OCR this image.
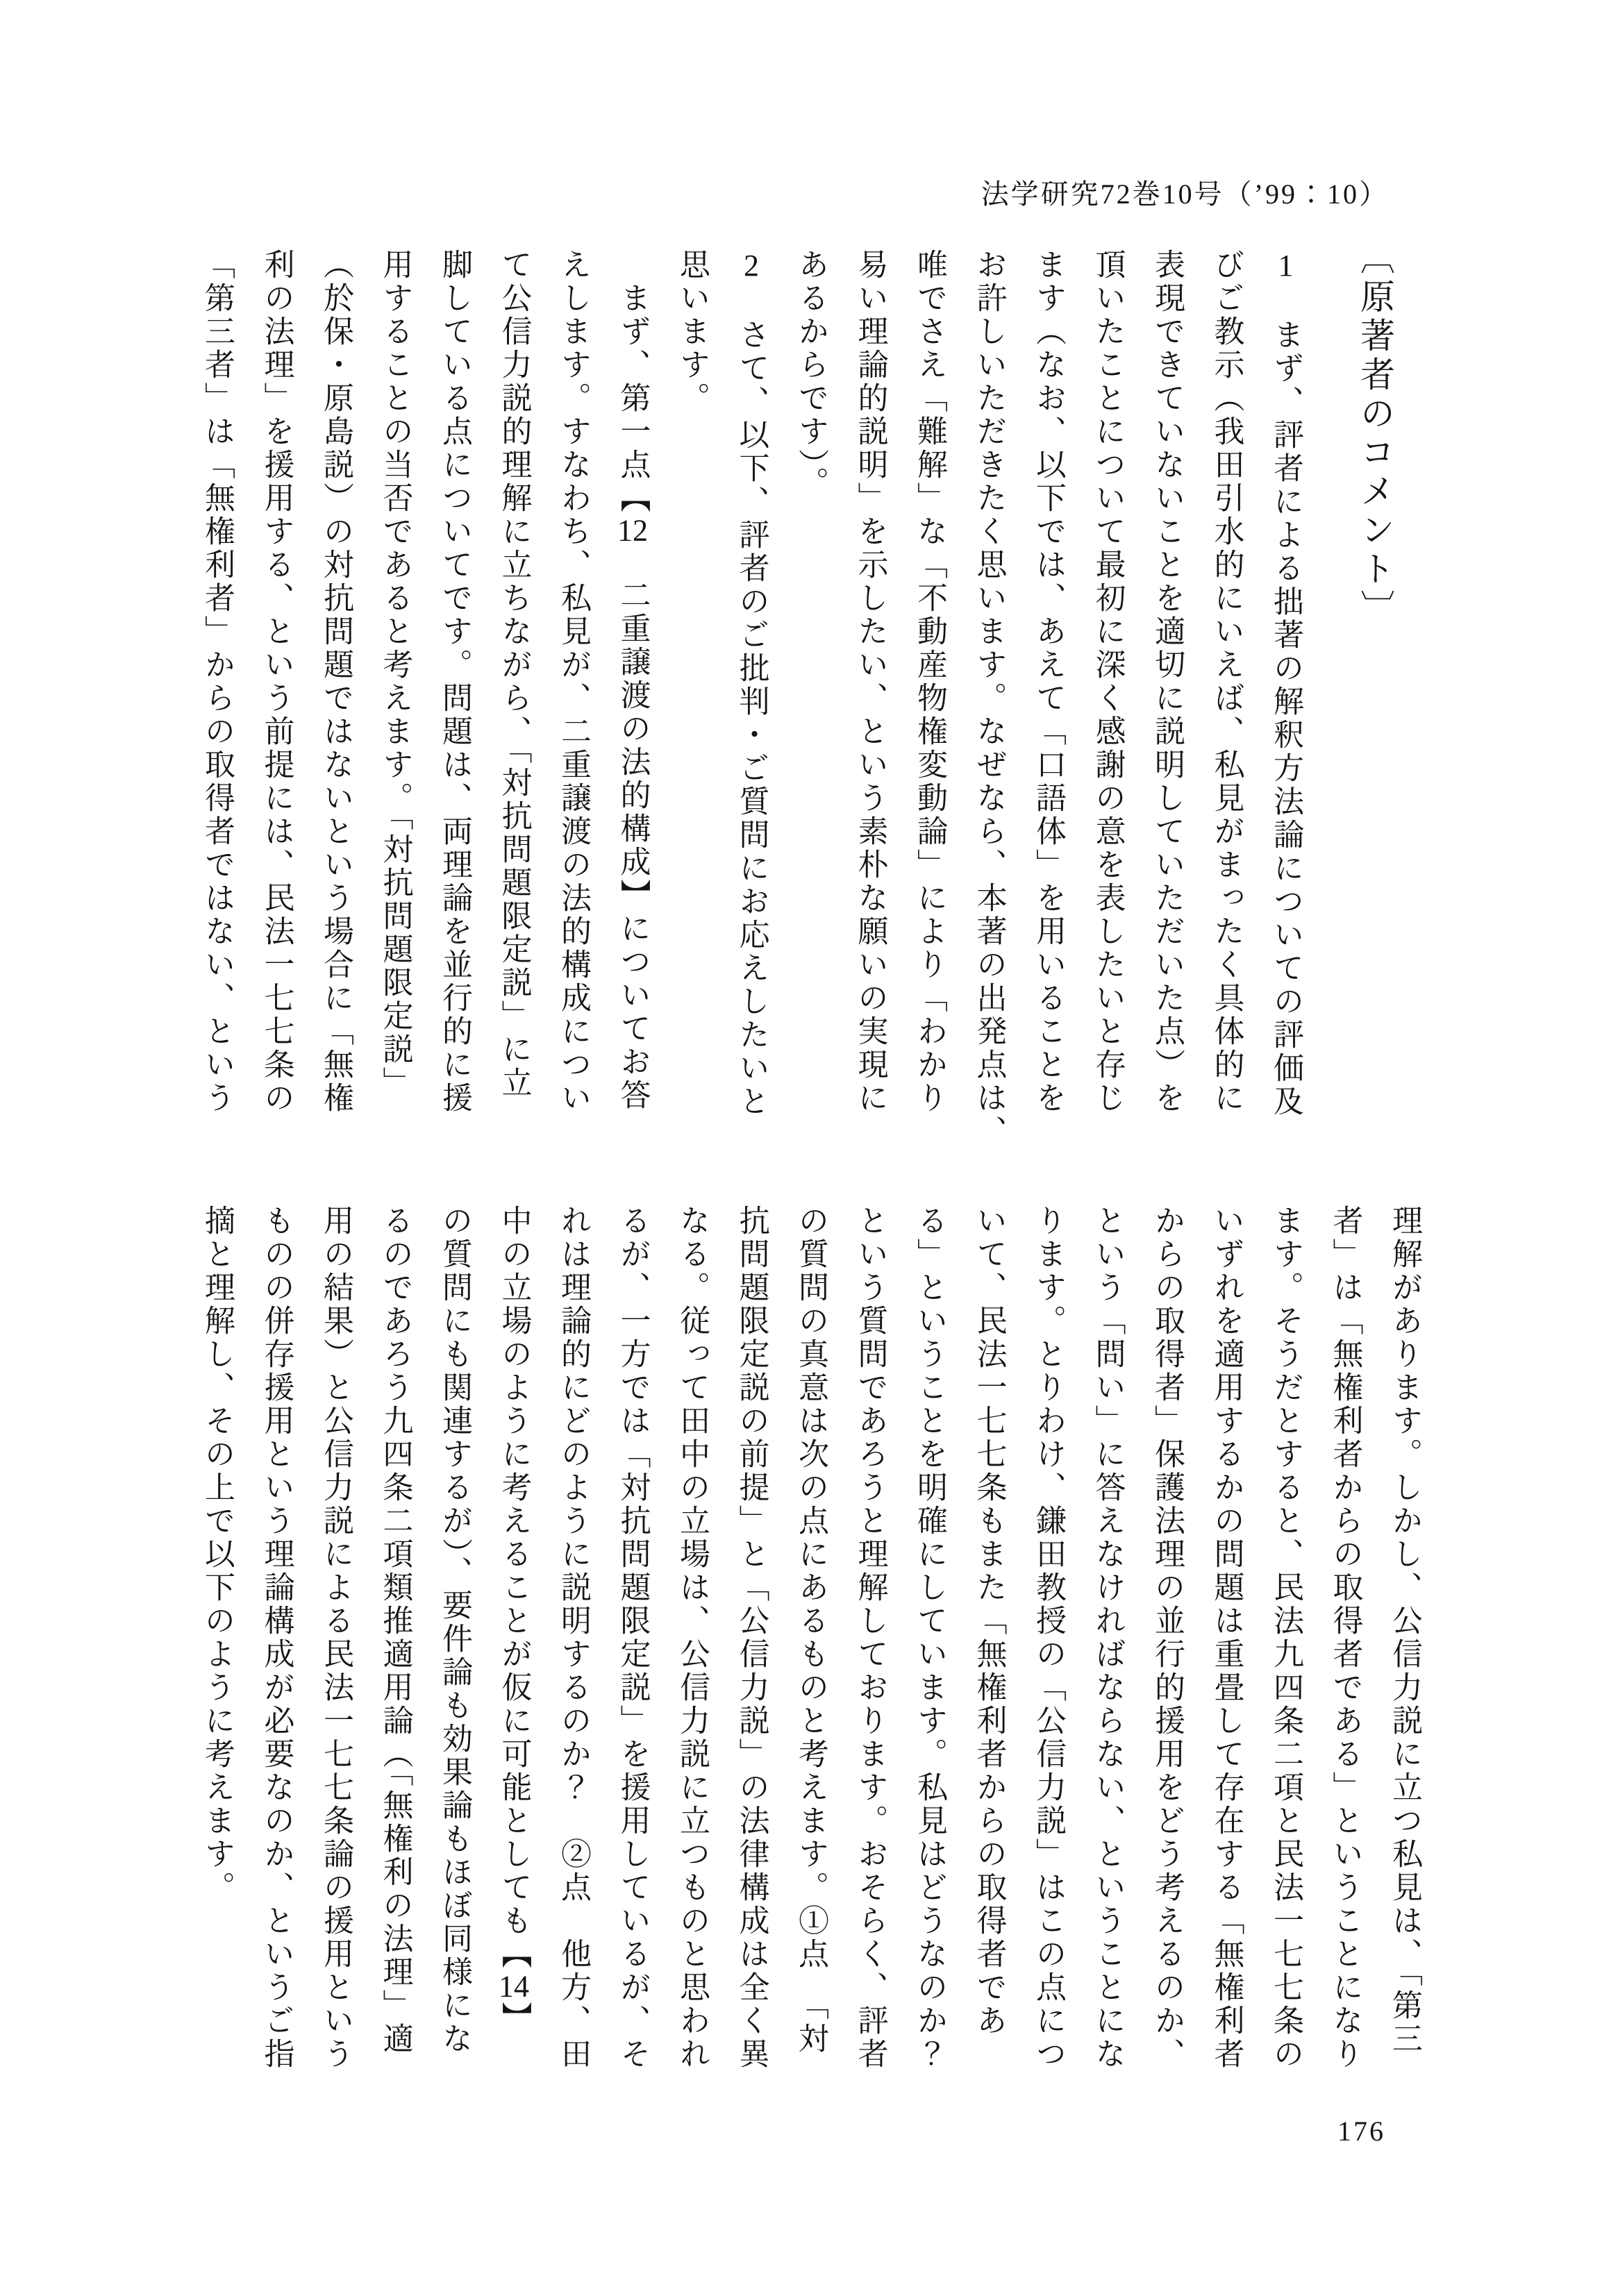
法学研究72巻10号（’99：10）
〔原著者のコメント〕
1　まず、評者による拙著の解釈方法論についての評価及
びご教示（我田引水的にいえば、私見がまったく具体的に
表現できていないことを適切に説明していただいた点）を
頂いたことについて最初に深く感謝の意を表したいと存じ
ます（なお、以下では、あえて「口語体」を用いることを
お許しいただきたく思います。なぜなら、本著の出発点は、
唯でさえ「難解」な「不動産物権変動論」により「わかり
易い理論的説明」を示したい、という素朴な願いの実現に
あるからです）。
2　さて、以下、評者のご批判・ご質問にお応えしたいと
思います。
　まず、第一点【12　二重譲渡の法的構成】についてお答
えします。すなわち、私見が、二重譲渡の法的構成につい
て公信力説的理解に立ちながら、「対抗問題限定説」に立
脚している点についてです。問題は、両理論を並行的に援
用することの当否であると考えます。「対抗問題限定説」
（於保・原島説）の対抗問題ではないという場合に「無権
利の法理」を援用する、という前提には、民法一七七条の
「第三者」は「無権利者」からの取得者ではない、という
理解があります。しかし、公信力説に立つ私見は、「第三
者」は「無権利者からの取得者である」ということになり
ます。そうだとすると、民法九四条二項と民法一七七条の
いずれを適用するかの問題は重畳して存在する「無権利者
からの取得者」保護法理の並行的援用をどう考えるのか、
という「問い」に答えなければならない、ということにな
ります。とりわけ、鎌田教授の「公信力説」はこの点につ
いて、民法一七七条もまた「無権利者からの取得者であ
る」ということを明確にしています。私見はどうなのか？
という質問であろうと理解しております。おそらく、評者
の質問の真意は次の点にあるものと考えます。①点　「対
抗問題限定説の前提」と「公信力説」の法律構成は全く異
なる。従って田中の立場は、公信力説に立つものと思われ
るが、一方では「対抗問題限定説」を援用しているが、そ
れは理論的にどのように説明するのか？　②点　他方、田
中の立場のように考えることが仮に可能としても【14】
の質問にも関連するが）、要件論も効果論もほぼ同様にな
るのであろう九四条二項類推適用論（「無権利の法理」適
用の結果）と公信力説による民法一七七条論の援用という
ものの併存援用という理論構成が必要なのか、というご指
摘と理解し、その上で以下のように考えます。
176
